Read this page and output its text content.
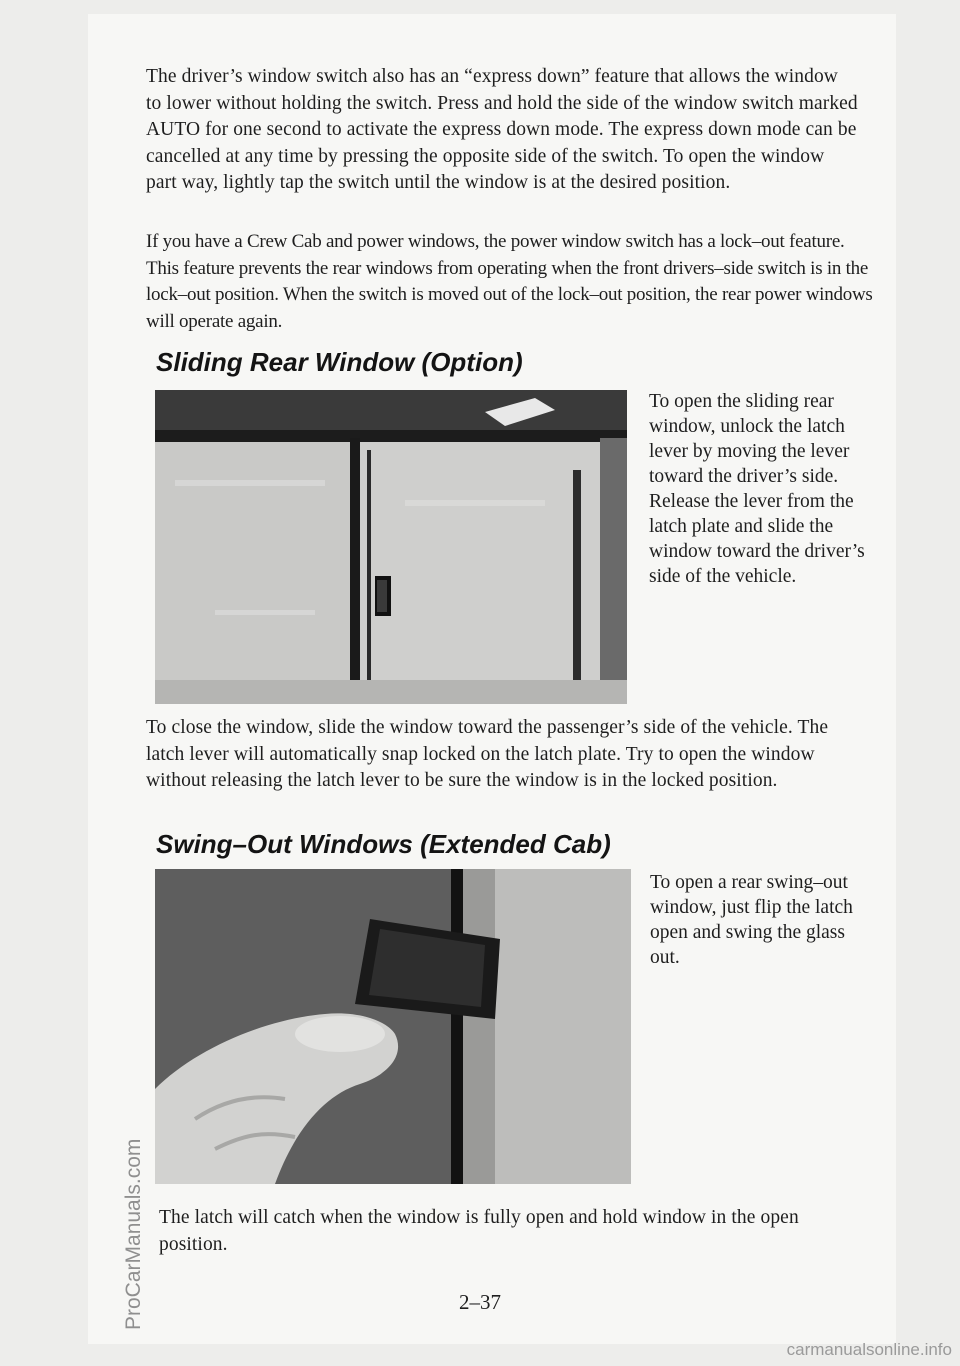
The driver’s window switch also has an “express down” feature that allows the window to lower without holding the switch. Press and hold the side of the window switch marked AUTO for one second to activate the express down mode. The express down mode can be cancelled at any time by pressing the opposite side of the switch. To open the window part way, lightly tap the switch until the window is at the desired position.

If you have a Crew Cab and power windows, the power window switch has a lock–out feature. This feature prevents the rear windows from operating when the front drivers–side switch is in the lock–out position. When the switch is moved out of the lock–out position, the rear power windows will operate again.

Sliding Rear Window (Option)

To open the sliding rear window, unlock the latch lever by moving the lever toward the driver’s side. Release the lever from the latch plate and slide the window toward the driver’s side of the vehicle.

To close the window, slide the window toward the passenger’s side of the vehicle. The latch lever will automatically snap locked on the latch plate. Try to open the window without releasing the latch lever to be sure the window is in the locked position.

Swing–Out Windows (Extended Cab)

To open a rear swing–out window, just flip the latch open and swing the glass out.

The latch will catch when the window is fully open and hold window in the open position.

2–37
ProCarManuals.com
carmanualsonline.info
